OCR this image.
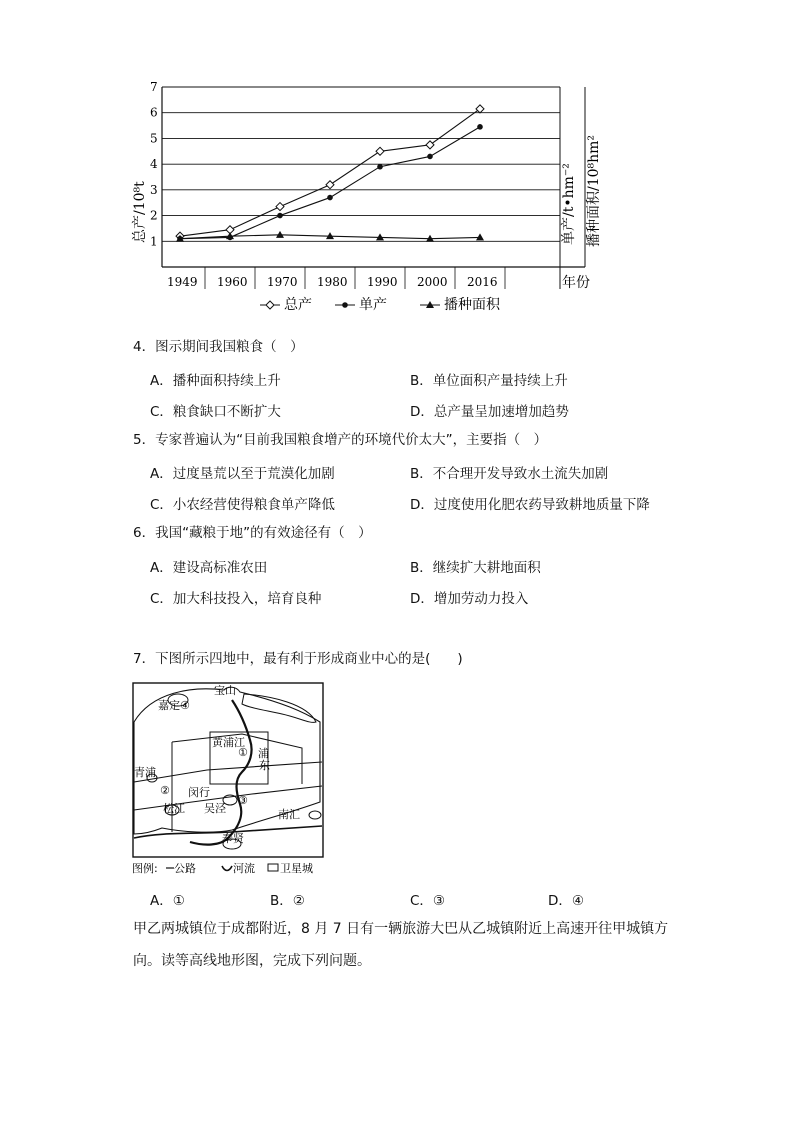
1
2
3
4
5
6
7
1949 1960 1970 1980 1990 2000 2016
总产/10⁸t	单产/t•hm⁻² 播种面积/10⁸hm²
年份
总产	单产	播种面积
4．图示期间我国粮食（　）
A．播种面积持续上升	B．单位面积产量持续上升
C．粮食缺口不断扩大	D．总产量呈加速增加趋势
5．专家普遍认为“目前我国粮食增产的环境代价太大”，主要指（　）
A．过度垦荒以至于荒漠化加剧	B．不合理开发导致水土流失加剧
C．小农经营使得粮食单产降低	D．过度使用化肥农药导致耕地质量下降
6．我国“藏粮于地”的有效途径有（　）
A．建设高标准农田	B．继续扩大耕地面积
C．加大科技投入，培育良种	D．增加劳动力投入
7．下图所示四地中，最有利于形成商业中心的是(　　)
宝山
嘉定④
黄浦江
浦
东
①
青浦
② 闵行
松江 吴泾
③
南汇
奉贤
图例: 公路	河流 卫星城
A．①	B．②	C．③	D．④
甲乙两城镇位于成都附近，8 月 7 日有一辆旅游大巴从乙城镇附近上高速开往甲城镇方
向。读等高线地形图，完成下列问题。
